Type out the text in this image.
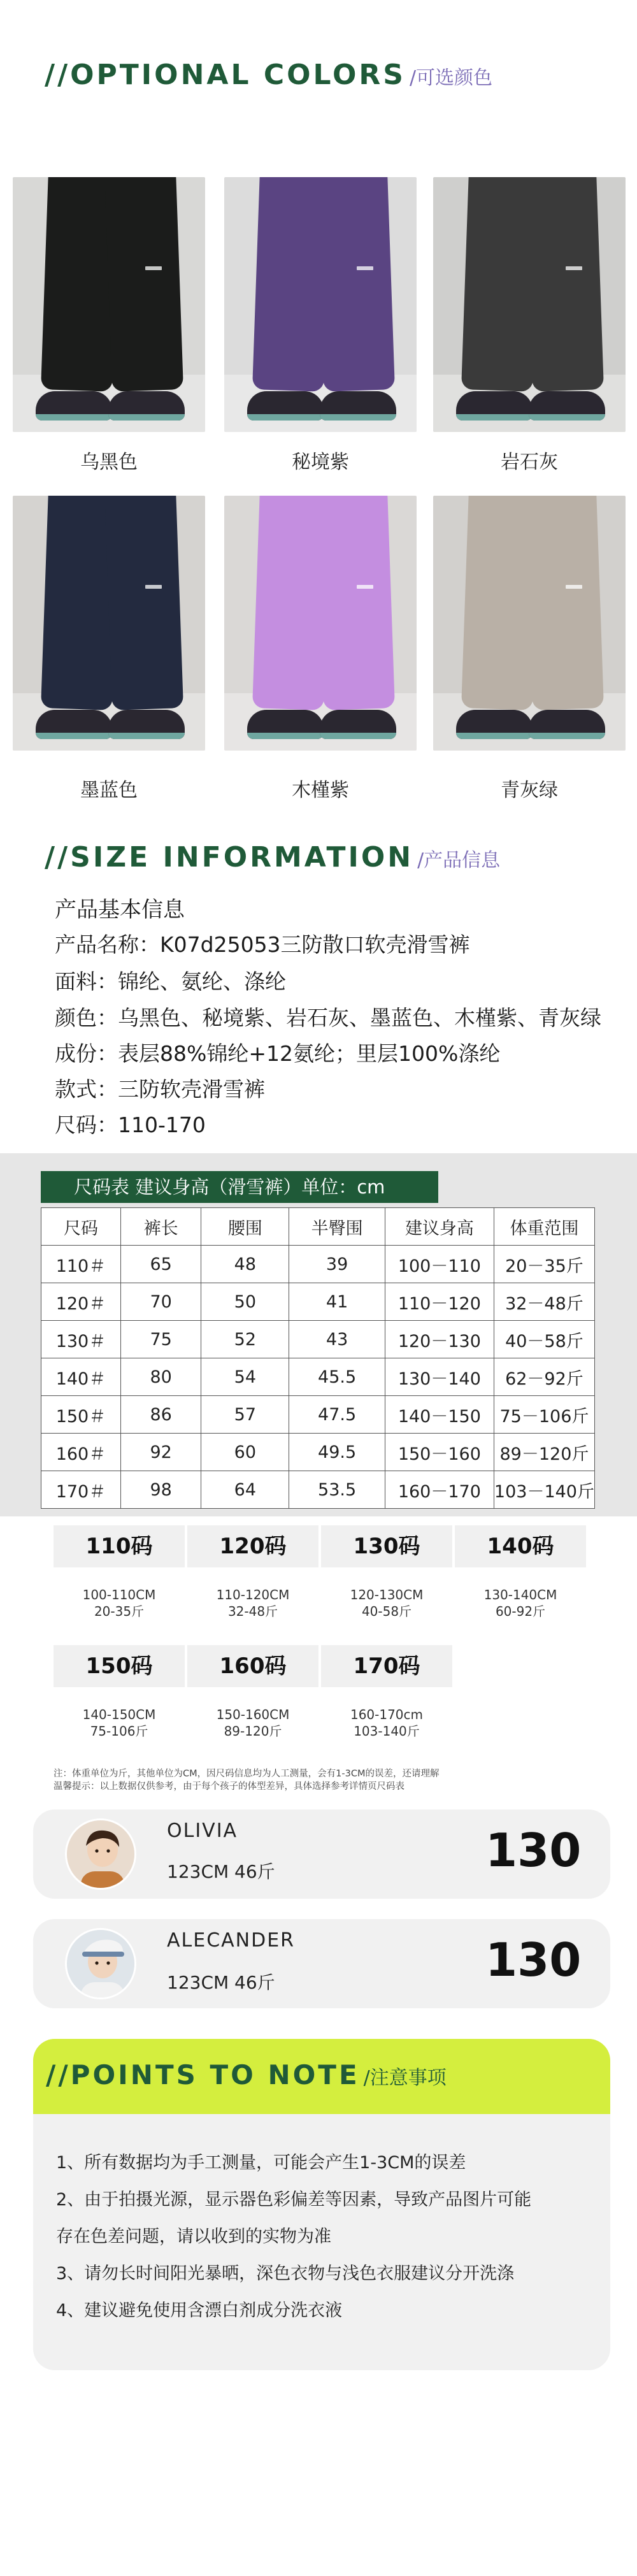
//OPTIONAL COLORS /可选颜色
乌黑色	秘境紫	岩石灰
墨蓝色	木槿紫	青灰绿
//SIZE INFORMATION /产品信息
产品基本信息
产品名称：K07d25053三防散口软壳滑雪裤
面料：锦纶、氨纶、涤纶
颜色：乌黑色、秘境紫、岩石灰、墨蓝色、木槿紫、青灰绿
成份：表层88%锦纶+12氨纶；里层100%涤纶
款式：三防软壳滑雪裤
尺码：110-170
尺码表 建议身高（滑雪裤）单位：cm
尺码	裤长	腰围	半臀围	建议身高	体重范围
110＃	65	48	39	100－110	20－35斤
120＃	70	50	41	110－120	32－48斤
130＃	75	52	43	120－130	40－58斤
140＃	80	54	45.5	130－140	62－92斤
150＃	86	57	47.5	140－150	75－106斤
160＃	92	60	49.5	150－160	89－120斤
170＃	98	64	53.5	160－170	103－140斤
110码
100-110CM
20-35斤
120码
110-120CM
32-48斤
130码
120-130CM
40-58斤
140码
130-140CM
60-92斤
150码
140-150CM
75-106斤
160码
150-160CM
89-120斤
170码
160-170cm
103-140斤
注：体重单位为斤，其他单位为CM，因尺码信息均为人工测量，会有1-3CM的误差，还请理解
温馨提示：以上数据仅供参考，由于每个孩子的体型差异，具体选择参考详情页尺码表
OLIVIA
123CM 46斤	130
ALECANDER
123CM 46斤	130
//POINTS TO NOTE /注意事项
1、所有数据均为手工测量，可能会产生1-3CM的误差
2、由于拍摄光源，显示器色彩偏差等因素，导致产品图片可能
存在色差问题，请以收到的实物为准
3、请勿长时间阳光暴晒，深色衣物与浅色衣服建议分开洗涤
4、建议避免使用含漂白剂成分洗衣液
